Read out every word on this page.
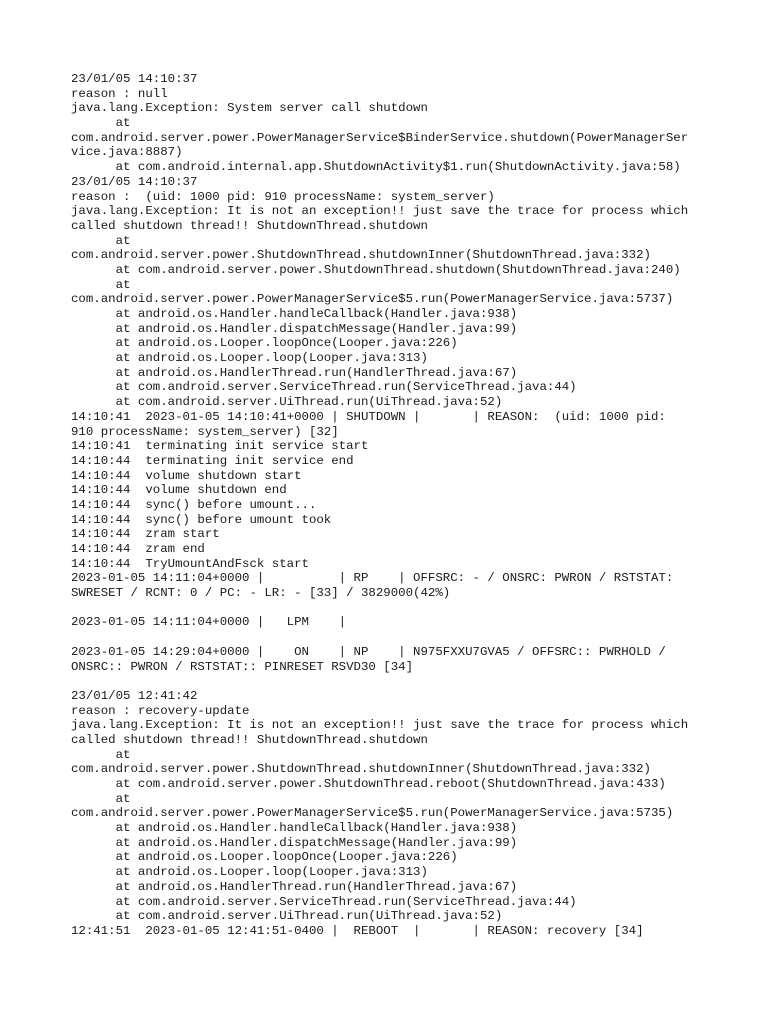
23/01/05 14:10:37
reason : null
java.lang.Exception: System server call shutdown
at
com.android.server.power.PowerManagerService$BinderService.shutdown(PowerManagerSer
vice.java:8887)
at com.android.internal.app.ShutdownActivity$1.run(ShutdownActivity.java:58)
23/01/05 14:10:37
reason :  (uid: 1000 pid: 910 processName: system_server)
java.lang.Exception: It is not an exception!! just save the trace for process which
called shutdown thread!! ShutdownThread.shutdown
at
com.android.server.power.ShutdownThread.shutdownInner(ShutdownThread.java:332)
at com.android.server.power.ShutdownThread.shutdown(ShutdownThread.java:240)
at
com.android.server.power.PowerManagerService$5.run(PowerManagerService.java:5737)
at android.os.Handler.handleCallback(Handler.java:938)
at android.os.Handler.dispatchMessage(Handler.java:99)
at android.os.Looper.loopOnce(Looper.java:226)
at android.os.Looper.loop(Looper.java:313)
at android.os.HandlerThread.run(HandlerThread.java:67)
at com.android.server.ServiceThread.run(ServiceThread.java:44)
at com.android.server.UiThread.run(UiThread.java:52)
14:10:41  2023-01-05 14:10:41+0000 | SHUTDOWN |       | REASON:  (uid: 1000 pid:
910 processName: system_server) [32]
14:10:41  terminating init service start
14:10:44  terminating init service end
14:10:44  volume shutdown start
14:10:44  volume shutdown end
14:10:44  sync() before umount...
14:10:44  sync() before umount took
14:10:44  zram start
14:10:44  zram end
14:10:44  TryUmountAndFsck start
2023-01-05 14:11:04+0000 |          | RP    | OFFSRC: - / ONSRC: PWRON / RSTSTAT:
SWRESET / RCNT: 0 / PC: - LR: - [33] / 3829000(42%)
2023-01-05 14:11:04+0000 |   LPM    |
2023-01-05 14:29:04+0000 |    ON    | NP    | N975FXXU7GVA5 / OFFSRC:: PWRHOLD /
ONSRC:: PWRON / RSTSTAT:: PINRESET RSVD30 [34]
23/01/05 12:41:42
reason : recovery-update
java.lang.Exception: It is not an exception!! just save the trace for process which
called shutdown thread!! ShutdownThread.shutdown
at
com.android.server.power.ShutdownThread.shutdownInner(ShutdownThread.java:332)
at com.android.server.power.ShutdownThread.reboot(ShutdownThread.java:433)
at
com.android.server.power.PowerManagerService$5.run(PowerManagerService.java:5735)
at android.os.Handler.handleCallback(Handler.java:938)
at android.os.Handler.dispatchMessage(Handler.java:99)
at android.os.Looper.loopOnce(Looper.java:226)
at android.os.Looper.loop(Looper.java:313)
at android.os.HandlerThread.run(HandlerThread.java:67)
at com.android.server.ServiceThread.run(ServiceThread.java:44)
at com.android.server.UiThread.run(UiThread.java:52)
12:41:51  2023-01-05 12:41:51-0400 |  REBOOT  |       | REASON: recovery [34]
